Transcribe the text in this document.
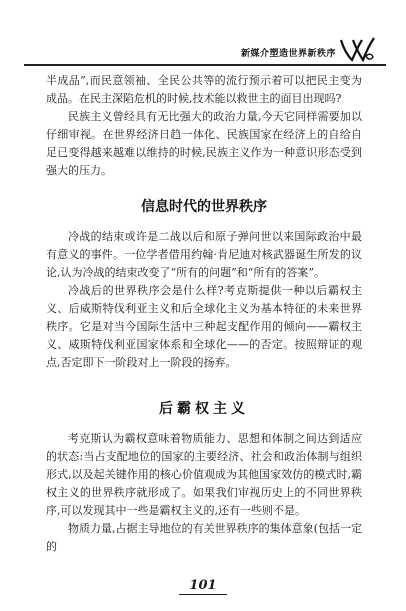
新媒介塑造世界新秩序

半成品”,而民意领袖、全民公共等的流行预示着可以把民主变为成品。在民主深陷危机的时候,技术能以救世主的面目出现吗?

民族主义曾经具有无比强大的政治力量,今天它同样需要加以仔细审视。在世界经济日趋一体化、民族国家在经济上的自给自足已变得越来越难以维持的时候,民族主义作为一种意识形态受到强大的压力。

信息时代的世界秩序

冷战的结束或许是二战以后和原子弹问世以来国际政治中最有意义的事件。一位学者借用约翰·肯尼迪对核武器诞生所发的议论,认为冷战的结束改变了“所有的问题”和“所有的答案”。

冷战后的世界秩序会是什么样?考克斯提供一种以后霸权主义、后威斯特伐利亚主义和后全球化主义为基本特征的未来世界秩序。它是对当今国际生活中三种起支配作用的倾向——霸权主义、威斯特伐利亚国家体系和全球化——的否定。按照辩证的观点,否定即下一阶段对上一阶段的扬弃。

后霸权主义

考克斯认为霸权意味着物质能力、思想和体制之间达到适应的状态:当占支配地位的国家的主要经济、社会和政治体制与组织形式,以及起关键作用的核心价值观成为其他国家效仿的模式时,霸权主义的世界秩序就形成了。如果我们审视历史上的不同世界秩序,可以发现其中一些是霸权主义的,还有一些则不是。

物质力量,占据主导地位的有关世界秩序的集体意象(包括一定的

101
